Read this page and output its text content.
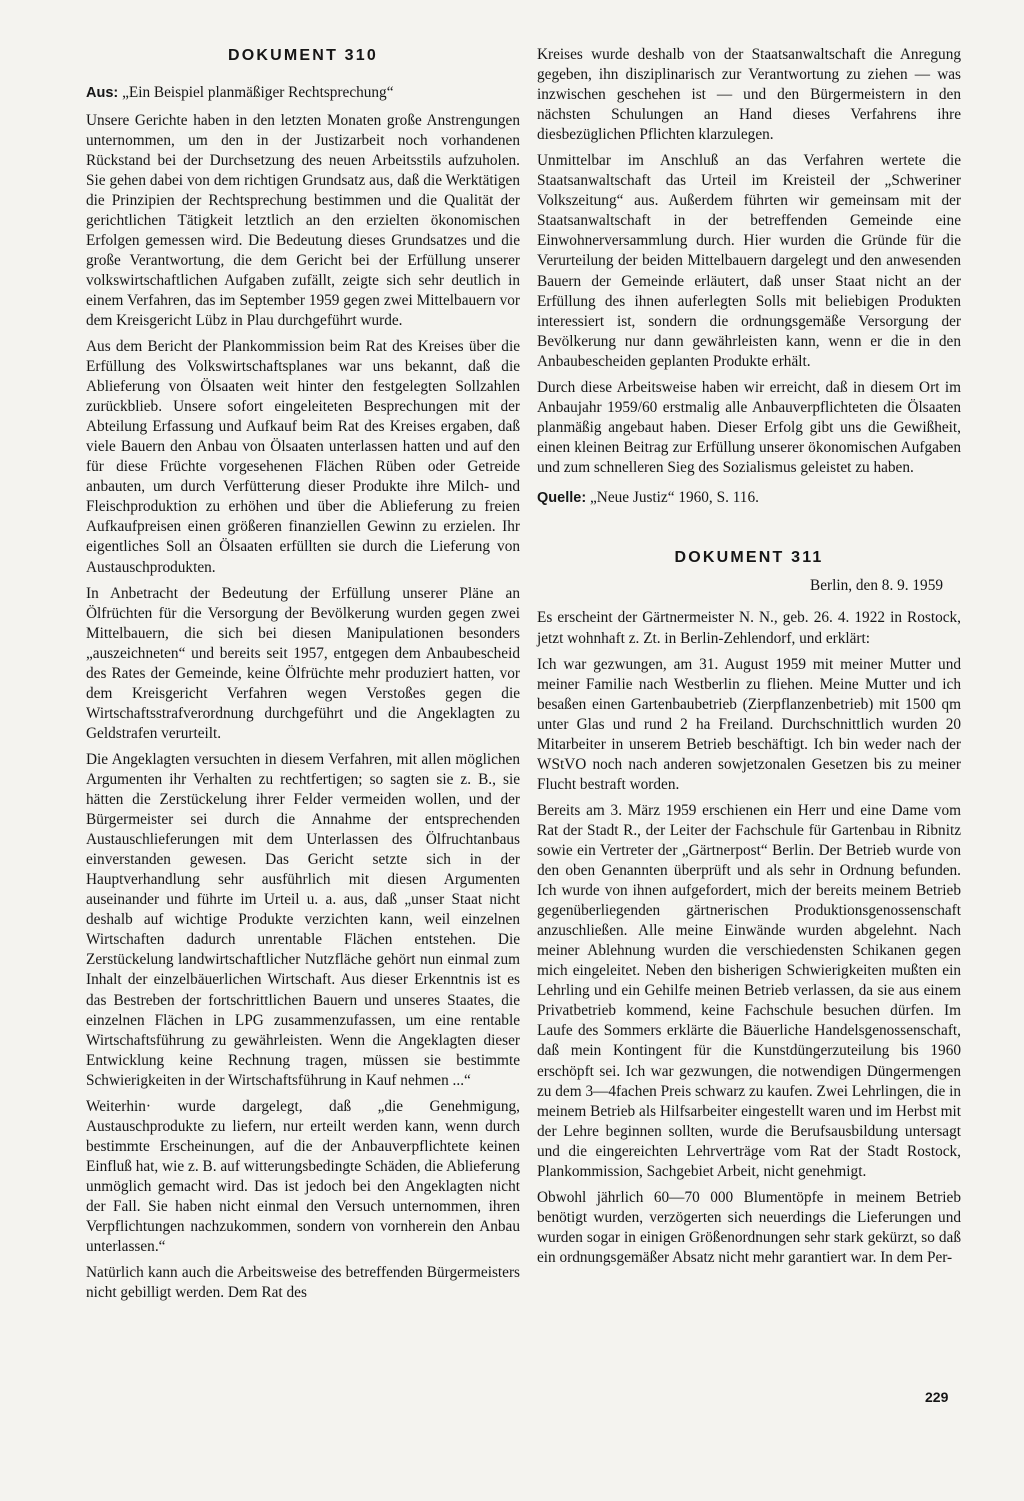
DOKUMENT 310
Aus: „Ein Beispiel planmäßiger Rechtsprechung“

Unsere Gerichte haben in den letzten Monaten große Anstrengungen unternommen, um den in der Justizarbeit noch vorhandenen Rückstand bei der Durchsetzung des neuen Arbeitsstils aufzuholen. Sie gehen dabei von dem richtigen Grundsatz aus, daß die Werktätigen die Prinzipien der Rechtsprechung bestimmen und die Qualität der gerichtlichen Tätigkeit letztlich an den erzielten ökonomischen Erfolgen gemessen wird. Die Bedeutung dieses Grundsatzes und die große Verantwortung, die dem Gericht bei der Erfüllung unserer volkswirtschaftlichen Aufgaben zufällt, zeigte sich sehr deutlich in einem Verfahren, das im September 1959 gegen zwei Mittelbauern vor dem Kreisgericht Lübz in Plau durchgeführt wurde.

Aus dem Bericht der Plankommission beim Rat des Kreises über die Erfüllung des Volkswirtschaftsplanes war uns bekannt, daß die Ablieferung von Ölsaaten weit hinter den festgelegten Sollzahlen zurückblieb. Unsere sofort eingeleiteten Besprechungen mit der Abteilung Erfassung und Aufkauf beim Rat des Kreises ergaben, daß viele Bauern den Anbau von Ölsaaten unterlassen hatten und auf den für diese Früchte vorgesehenen Flächen Rüben oder Getreide anbauten, um durch Verfütterung dieser Produkte ihre Milch- und Fleischproduktion zu erhöhen und über die Ablieferung zu freien Aufkaufpreisen einen größeren finanziellen Gewinn zu erzielen. Ihr eigentliches Soll an Ölsaaten erfüllten sie durch die Lieferung von Austauschprodukten.

In Anbetracht der Bedeutung der Erfüllung unserer Pläne an Ölfrüchten für die Versorgung der Bevölkerung wurden gegen zwei Mittelbauern, die sich bei diesen Manipulationen besonders „auszeichneten“ und bereits seit 1957, entgegen dem Anbaubescheid des Rates der Gemeinde, keine Ölfrüchte mehr produziert hatten, vor dem Kreisgericht Verfahren wegen Verstoßes gegen die Wirtschaftsstrafverordnung durchgeführt und die Angeklagten zu Geldstrafen verurteilt.

Die Angeklagten versuchten in diesem Verfahren, mit allen möglichen Argumenten ihr Verhalten zu rechtfertigen; so sagten sie z. B., sie hätten die Zerstückelung ihrer Felder vermeiden wollen, und der Bürgermeister sei durch die Annahme der entsprechenden Austauschlieferungen mit dem Unterlassen des Ölfruchtanbaus einverstanden gewesen. Das Gericht setzte sich in der Hauptverhandlung sehr ausführlich mit diesen Argumenten auseinander und führte im Urteil u. a. aus, daß „unser Staat nicht deshalb auf wichtige Produkte verzichten kann, weil einzelnen Wirtschaften dadurch unrentable Flächen entstehen. Die Zerstückelung landwirtschaftlicher Nutzfläche gehört nun einmal zum Inhalt der einzelbäuerlichen Wirtschaft. Aus dieser Erkenntnis ist es das Bestreben der fortschrittlichen Bauern und unseres Staates, die einzelnen Flächen in LPG zusammenzufassen, um eine rentable Wirtschaftsführung zu gewährleisten. Wenn die Angeklagten dieser Entwicklung keine Rechnung tragen, müssen sie bestimmte Schwierigkeiten in der Wirtschaftsführung in Kauf nehmen ...“

Weiterhin· wurde dargelegt, daß „die Genehmigung, Austauschprodukte zu liefern, nur erteilt werden kann, wenn durch bestimmte Erscheinungen, auf die der Anbauverpflichtete keinen Einfluß hat, wie z. B. auf witterungsbedingte Schäden, die Ablieferung unmöglich gemacht wird. Das ist jedoch bei den Angeklagten nicht der Fall. Sie haben nicht einmal den Versuch unternommen, ihren Verpflichtungen nachzukommen, sondern von vornherein den Anbau unterlassen.“

Natürlich kann auch die Arbeitsweise des betreffenden Bürgermeisters nicht gebilligt werden. Dem Rat des

Kreises wurde deshalb von der Staatsanwaltschaft die Anregung gegeben, ihn disziplinarisch zur Verantwortung zu ziehen — was inzwischen geschehen ist — und den Bürgermeistern in den nächsten Schulungen an Hand dieses Verfahrens ihre diesbezüglichen Pflichten klarzulegen.

Unmittelbar im Anschluß an das Verfahren wertete die Staatsanwaltschaft das Urteil im Kreisteil der „Schweriner Volkszeitung“ aus. Außerdem führten wir gemeinsam mit der Staatsanwaltschaft in der betreffenden Gemeinde eine Einwohnerversammlung durch. Hier wurden die Gründe für die Verurteilung der beiden Mittelbauern dargelegt und den anwesenden Bauern der Gemeinde erläutert, daß unser Staat nicht an der Erfüllung des ihnen auferlegten Solls mit beliebigen Produkten interessiert ist, sondern die ordnungsgemäße Versorgung der Bevölkerung nur dann gewährleisten kann, wenn er die in den Anbaubescheiden geplanten Produkte erhält.

Durch diese Arbeitsweise haben wir erreicht, daß in diesem Ort im Anbaujahr 1959/60 erstmalig alle Anbauverpflichteten die Ölsaaten planmäßig angebaut haben. Dieser Erfolg gibt uns die Gewißheit, einen kleinen Beitrag zur Erfüllung unserer ökonomischen Aufgaben und zum schnelleren Sieg des Sozialismus geleistet zu haben.

Quelle: „Neue Justiz“ 1960, S. 116.
DOKUMENT 311
Berlin, den 8. 9. 1959

Es erscheint der Gärtnermeister N. N., geb. 26. 4. 1922 in Rostock, jetzt wohnhaft z. Zt. in Berlin-Zehlendorf, und erklärt:

Ich war gezwungen, am 31. August 1959 mit meiner Mutter und meiner Familie nach Westberlin zu fliehen. Meine Mutter und ich besaßen einen Gartenbaubetrieb (Zierpflanzenbetrieb) mit 1500 qm unter Glas und rund 2 ha Freiland. Durchschnittlich wurden 20 Mitarbeiter in unserem Betrieb beschäftigt. Ich bin weder nach der WStVO noch nach anderen sowjetzonalen Gesetzen bis zu meiner Flucht bestraft worden.

Bereits am 3. März 1959 erschienen ein Herr und eine Dame vom Rat der Stadt R., der Leiter der Fachschule für Gartenbau in Ribnitz sowie ein Vertreter der „Gärtnerpost“ Berlin. Der Betrieb wurde von den oben Genannten überprüft und als sehr in Ordnung befunden. Ich wurde von ihnen aufgefordert, mich der bereits meinem Betrieb gegenüberliegenden gärtnerischen Produktionsgenossenschaft anzuschließen. Alle meine Einwände wurden abgelehnt. Nach meiner Ablehnung wurden die verschiedensten Schikanen gegen mich eingeleitet. Neben den bisherigen Schwierigkeiten mußten ein Lehrling und ein Gehilfe meinen Betrieb verlassen, da sie aus einem Privatbetrieb kommend, keine Fachschule besuchen dürfen. Im Laufe des Sommers erklärte die Bäuerliche Handelsgenossenschaft, daß mein Kontingent für die Kunstdüngerzuteilung bis 1960 erschöpft sei. Ich war gezwungen, die notwendigen Düngermengen zu dem 3—4fachen Preis schwarz zu kaufen. Zwei Lehrlingen, die in meinem Betrieb als Hilfsarbeiter eingestellt waren und im Herbst mit der Lehre beginnen sollten, wurde die Berufsausbildung untersagt und die eingereichten Lehrverträge vom Rat der Stadt Rostock, Plankommission, Sachgebiet Arbeit, nicht genehmigt.

Obwohl jährlich 60—70 000 Blumentöpfe in meinem Betrieb benötigt wurden, verzögerten sich neuerdings die Lieferungen und wurden sogar in einigen Größenordnungen sehr stark gekürzt, so daß ein ordnungsgemäßer Absatz nicht mehr garantiert war. In dem Per-

229
